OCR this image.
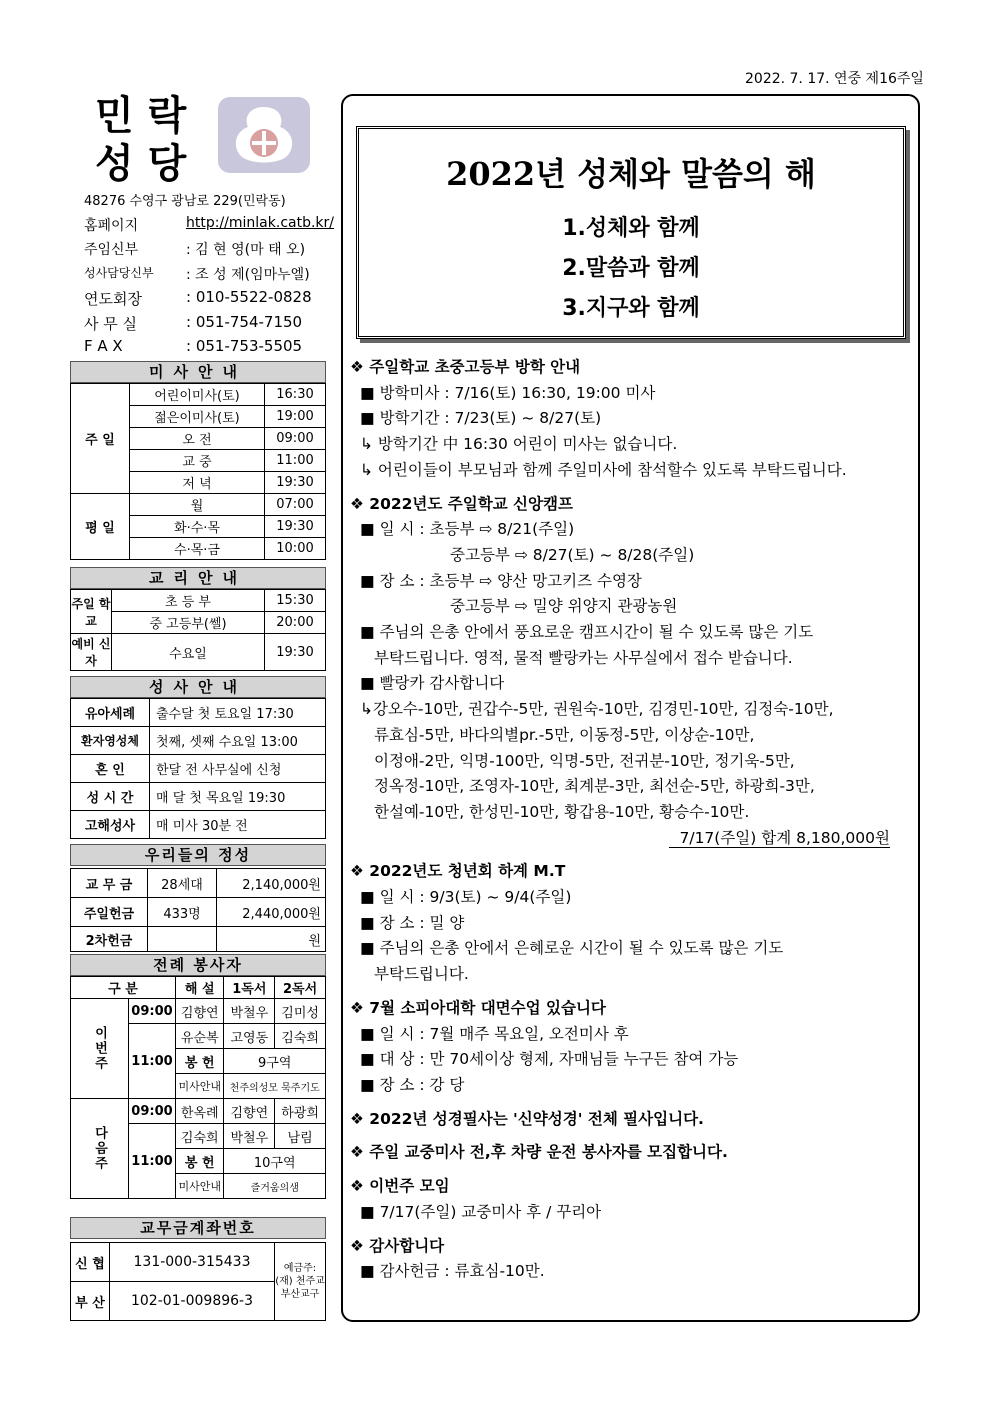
2022. 7. 17. 연중 제16주일
민 락
성 당
48276 수영구 광남로 229(민락동)
홈페이지	http://minlak.catb.kr/
주임신부	: 김 현 영(마 태 오)
성사담당신부	: 조 성 제(임마누엘)
연도회장	: 010-5522-0828
사 무 실	: 051-754-7150
F A X	: 051-753-5505
미사안내
주 일	어린이미사(토)	16:30
	젊은이미사(토)	19:00
	오 전	09:00
	교 중	11:00
	저 녁	19:30
평 일	월	07:00
	화·수·목	19:30
	수·목·금	10:00
교리안내
주일 학교	초 등 부	15:30
	중 고등부(쎌)	20:00
예비 신자	수요일	19:30
성사안내
유아세례	출수달 첫 토요일 17:30
환자영성체	첫째, 셋째 수요일 13:00
혼 인	한달 전 사무실에 신청
성 시 간	매 달 첫 목요일 19:30
고해성사	매 미사 30분 전
우리들의 정성
교 무 금	28세대	2,140,000원
주일헌금	433명	2,440,000원
2차헌금		원
전례 봉사자
구 분		해 설	1독서	2독서
이번주	09:00	김향연	박철우	김미성
	11:00	유순복	고영동	김숙희
		봉 헌	9구역	
		미사안내	천주의성모 묵주기도	
다음주	09:00	한옥례	김향연	하광희
	11:00	김숙희	박철우	남림
		봉 헌	10구역	
		미사안내	즐거움의샘	
교무금계좌번호
신 협	131-000-315433	예금주: (재) 천주교 부산교구
부 산	102-01-009896-3	
2022년 성체와 말씀의 해
1.성체와 함께
2.말씀과 함께
3.지구와 함께
❖ 주일학교 초중고등부 방학 안내
■ 방학미사 : 7/16(토) 16:30, 19:00 미사
■ 방학기간 : 7/23(토) ~ 8/27(토)
↳ 방학기간 中 16:30 어린이 미사는 없습니다.
↳ 어린이들이 부모님과 함께 주일미사에 참석할수 있도록 부탁드립니다.
❖ 2022년도 주일학교 신앙캠프
■ 일 시 : 초등부 ⇨ 8/21(주일)
중고등부 ⇨ 8/27(토) ~ 8/28(주일)
■ 장 소 : 초등부 ⇨ 양산 망고키즈 수영장
중고등부 ⇨ 밀양 위양지 관광농원
■ 주님의 은총 안에서 풍요로운 캠프시간이 될 수 있도록 많은 기도
부탁드립니다. 영적, 물적 빨랑카는 사무실에서 접수 받습니다.
■ 빨랑카 감사합니다
↳강오수-10만, 권갑수-5만, 권원숙-10만, 김경민-10만, 김정숙-10만,
류효심-5만, 바다의별pr.-5만, 이동정-5만, 이상순-10만,
이정애-2만, 익명-100만, 익명-5만, 전귀분-10만, 정기욱-5만,
정옥정-10만, 조영자-10만, 최계분-3만, 최선순-5만, 하광희-3만,
한설예-10만, 한성민-10만, 황갑용-10만, 황승수-10만.
7/17(주일) 합계 8,180,000원
❖ 2022년도 청년회 하계 M.T
■ 일 시 : 9/3(토) ~ 9/4(주일)
■ 장 소 : 밀 양
■ 주님의 은총 안에서 은혜로운 시간이 될 수 있도록 많은 기도
부탁드립니다.
❖ 7월 소피아대학 대면수업 있습니다
■ 일 시 : 7월 매주 목요일, 오전미사 후
■ 대 상 : 만 70세이상 형제, 자매님들 누구든 참여 가능
■ 장 소 : 강 당
❖ 2022년 성경필사는 '신약성경' 전체 필사입니다.
❖ 주일 교중미사 전,후 차량 운전 봉사자를 모집합니다.
❖ 이번주 모임
■ 7/17(주일) 교중미사 후 / 꾸리아
❖ 감사합니다
■ 감사헌금 : 류효심-10만.
